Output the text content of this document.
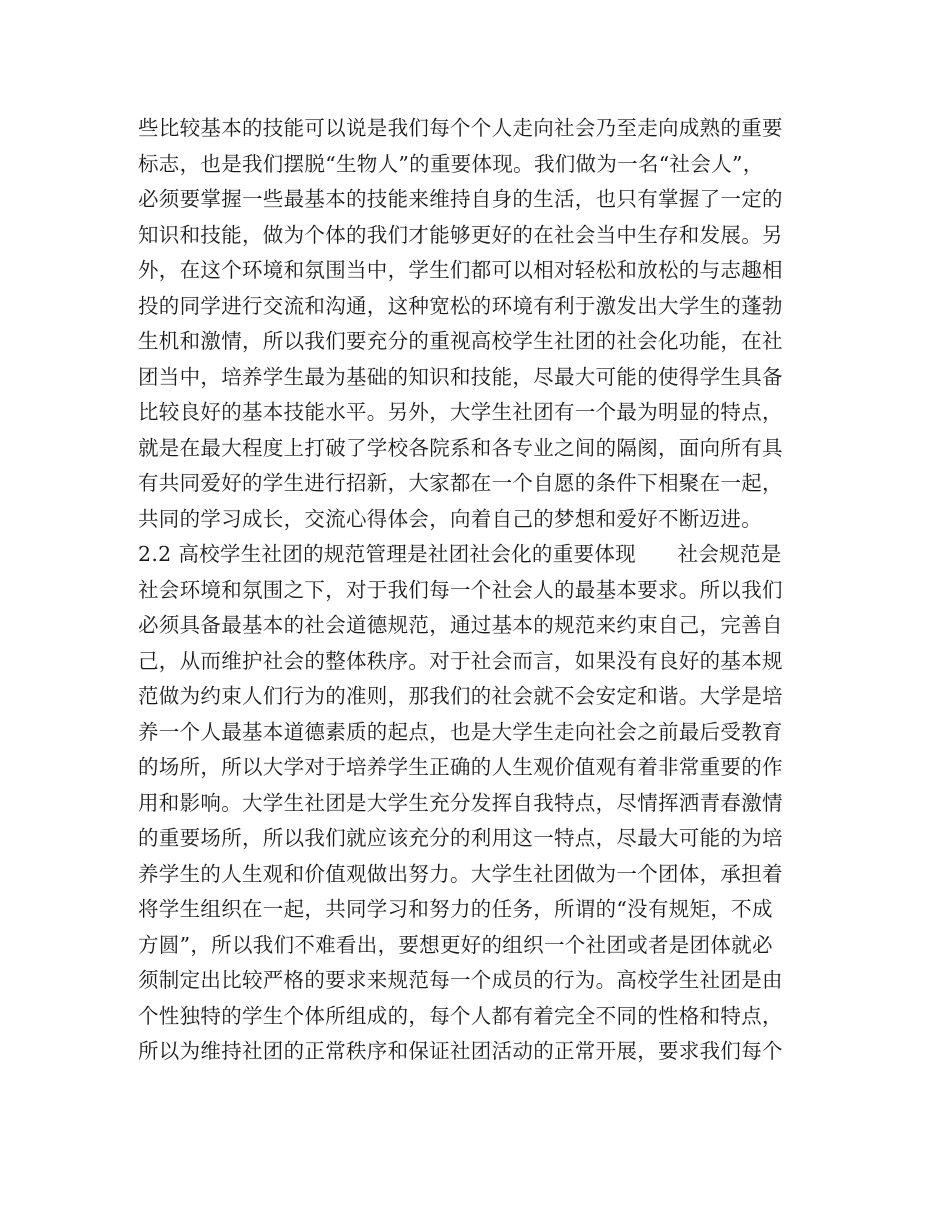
些比较基本的技能可以说是我们每个个人走向社会乃至走向成熟的重要
标志，也是我们摆脱“生物人”的重要体现。我们做为一名“社会人”，
必须要掌握一些最基本的技能来维持自身的生活，也只有掌握了一定的
知识和技能，做为个体的我们才能够更好的在社会当中生存和发展。另
外，在这个环境和氛围当中，学生们都可以相对轻松和放松的与志趣相
投的同学进行交流和沟通，这种宽松的环境有利于激发出大学生的蓬勃
生机和激情，所以我们要充分的重视高校学生社团的社会化功能，在社
团当中，培养学生最为基础的知识和技能，尽最大可能的使得学生具备
比较良好的基本技能水平。另外，大学生社团有一个最为明显的特点，
就是在最大程度上打破了学校各院系和各专业之间的隔阂，面向所有具
有共同爱好的学生进行招新，大家都在一个自愿的条件下相聚在一起，
共同的学习成长，交流心得体会，向着自己的梦想和爱好不断迈进。
2.2 高校学生社团的规范管理是社团社会化的重要体现　　社会规范是
社会环境和氛围之下，对于我们每一个社会人的最基本要求。所以我们
必须具备最基本的社会道德规范，通过基本的规范来约束自己，完善自
己，从而维护社会的整体秩序。对于社会而言，如果没有良好的基本规
范做为约束人们行为的准则，那我们的社会就不会安定和谐。大学是培
养一个人最基本道德素质的起点，也是大学生走向社会之前最后受教育
的场所，所以大学对于培养学生正确的人生观价值观有着非常重要的作
用和影响。大学生社团是大学生充分发挥自我特点，尽情挥洒青春激情
的重要场所，所以我们就应该充分的利用这一特点，尽最大可能的为培
养学生的人生观和价值观做出努力。大学生社团做为一个团体，承担着
将学生组织在一起，共同学习和努力的任务，所谓的“没有规矩，不成
方圆”，所以我们不难看出，要想更好的组织一个社团或者是团体就必
须制定出比较严格的要求来规范每一个成员的行为。高校学生社团是由
个性独特的学生个体所组成的，每个人都有着完全不同的性格和特点，
所以为维持社团的正常秩序和保证社团活动的正常开展，要求我们每个
